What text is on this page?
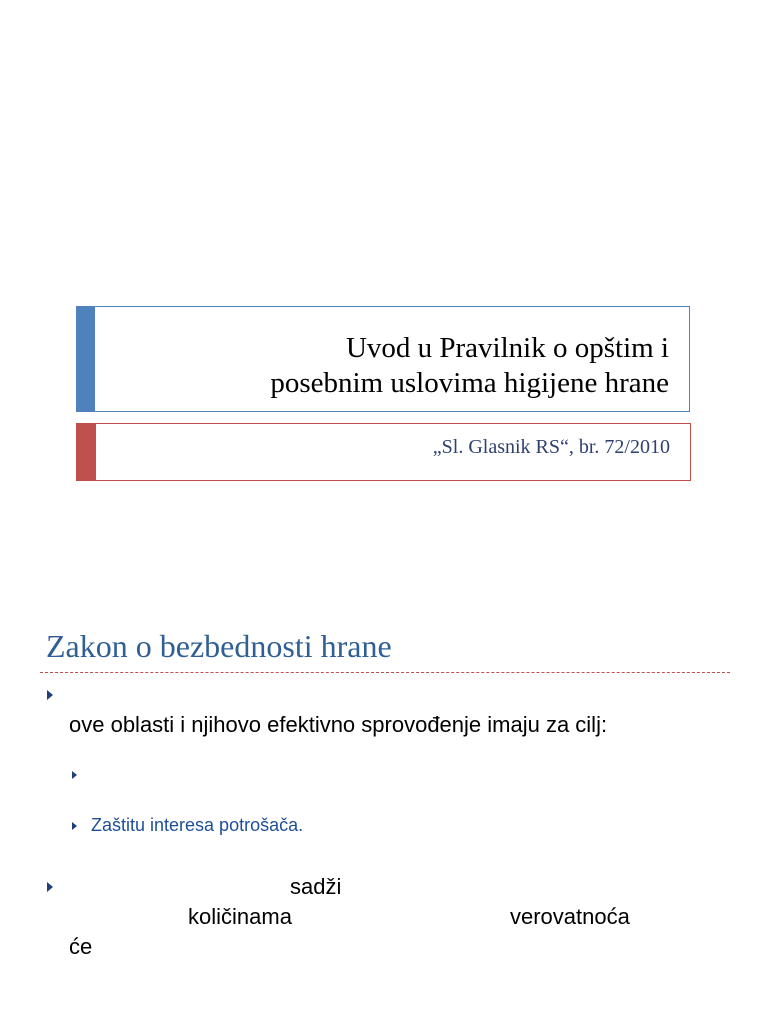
Uvod u Pravilnik o opštim i
posebnim uslovima higijene hrane
„Sl. Glasnik RS“, br. 72/2010
Zakon o bezbednosti hrane
ove oblasti i njihovo efektivno sprovođenje imaju za cilj:
Zaštitu interesa potrošača.
sadži
količinama	verovatnoća
će
